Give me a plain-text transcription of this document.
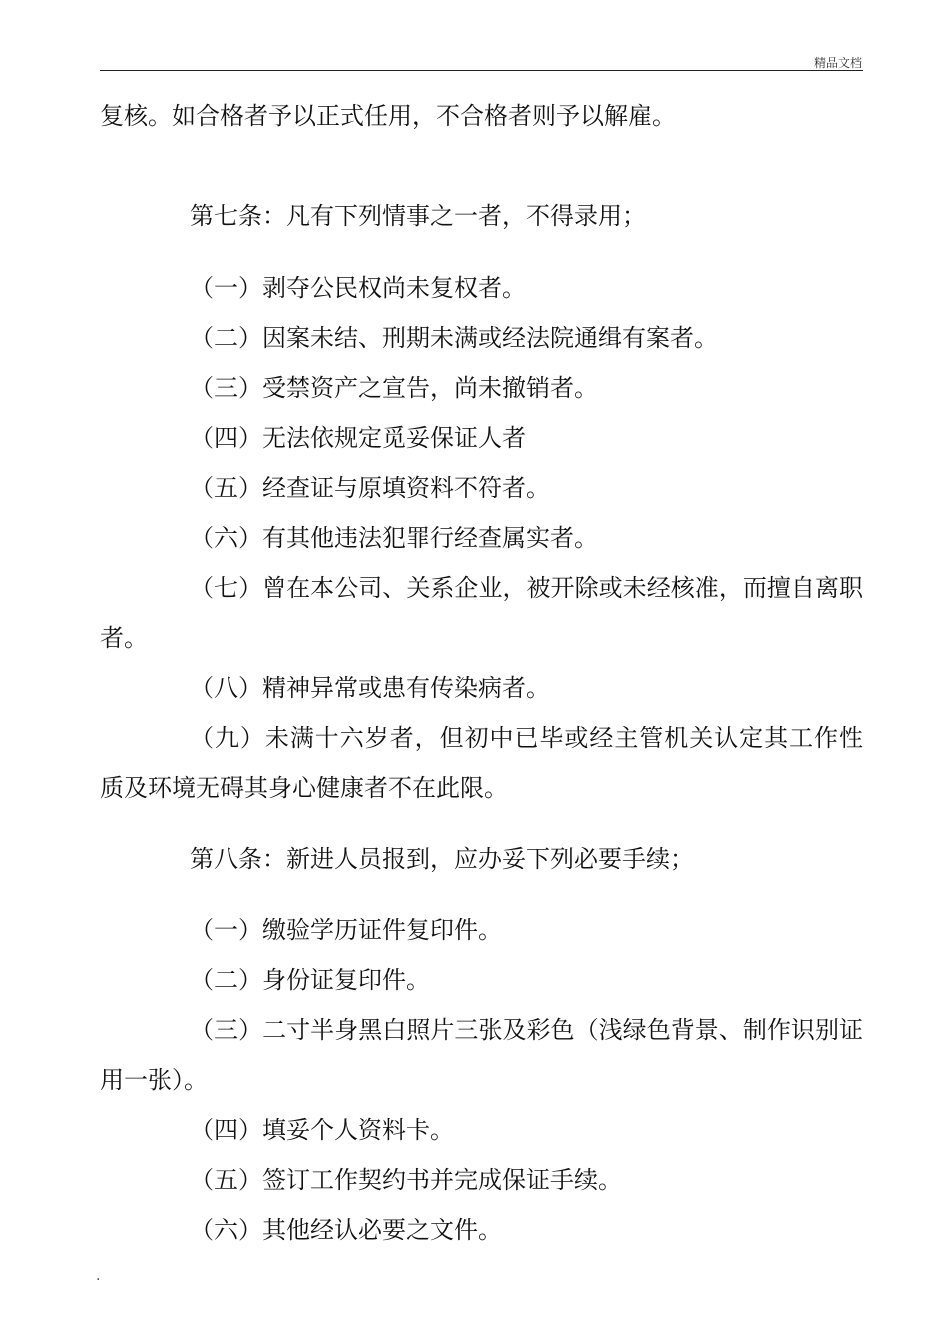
精品文档
复核。如合格者予以正式任用，不合格者则予以解雇。
第七条：凡有下列情事之一者，不得录用；
（一）剥夺公民权尚未复权者。
（二）因案未结、刑期未满或经法院通缉有案者。
（三）受禁资产之宣告，尚未撤销者。
（四）无法依规定觅妥保证人者
（五）经查证与原填资料不符者。
（六）有其他违法犯罪行经查属实者。
（七）曾在本公司、关系企业，被开除或未经核准，而擅自离职
者。
（八）精神异常或患有传染病者。
（九）未满十六岁者，但初中已毕或经主管机关认定其工作性
质及环境无碍其身心健康者不在此限。
第八条：新进人员报到，应办妥下列必要手续；
（一）缴验学历证件复印件。
（二）身份证复印件。
（三）二寸半身黑白照片三张及彩色（浅绿色背景、制作识别证
用一张）。
（四）填妥个人资料卡。
（五）签订工作契约书并完成保证手续。
（六）其他经认必要之文件。
.
